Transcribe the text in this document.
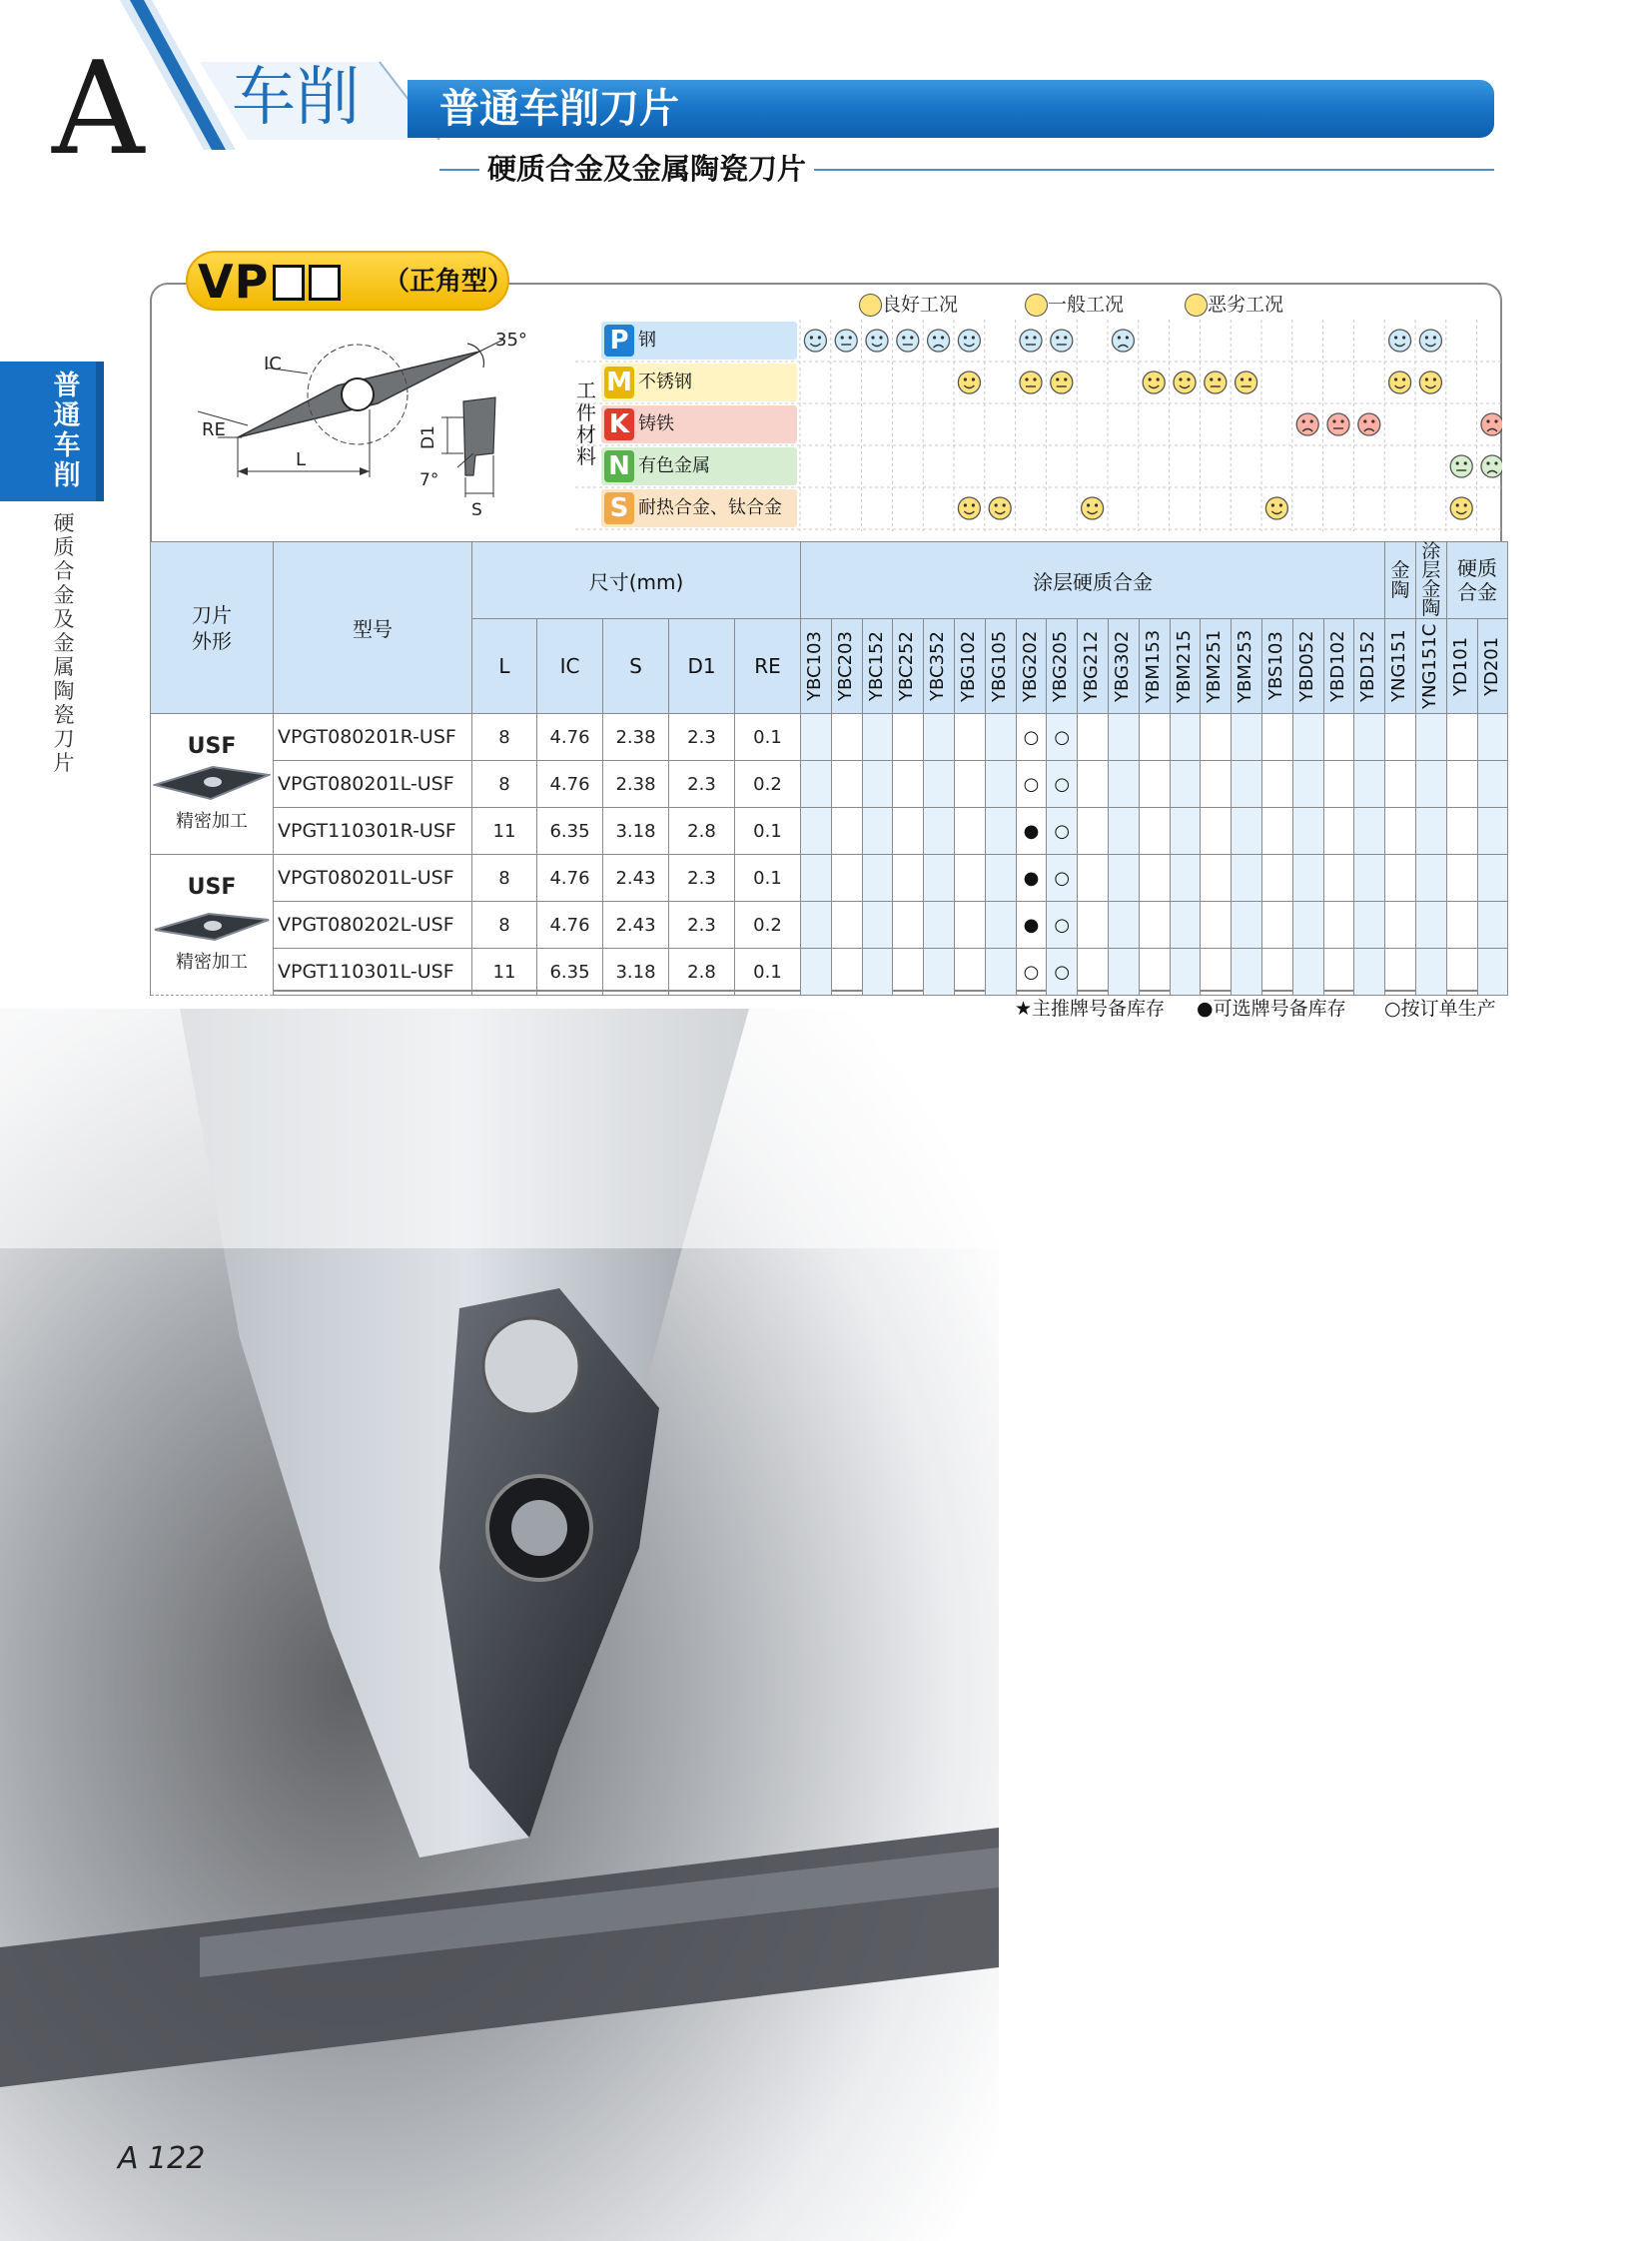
A 车削 普通车削刀片
硬质合金及金属陶瓷刀片
普通车削
硬质合金及金属陶瓷刀片
VP	（正角型）
35°
IC
RE
L
D1
7°
S
良好工况	一般工况	恶劣工况
工件材料
P 钢
M 不锈钢
K 铸铁
N 有色金属
S 耐热合金、钛合金
刀片
外形	型号	尺寸(mm)					涂层硬质合金																			金陶	涂层金陶	硬质合金	
		L	IC	S	D1	RE	YBC103	YBC203	YBC152	YBC252	YBC352	YBG102	YBG105	YBG202	YBG205	YBG212	YBG302	YBM153	YBM215	YBM251	YBM253	YBS103	YBD052	YBD102	YBD152	YNG151	YNG151C	YD101	YD201

USF
精密加工	VPGT080201R-USF	8	4.76	2.38	2.3	0.1								○	○														
	VPGT080201L-USF	8	4.76	2.38	2.3	0.2								○	○														
	VPGT110301R-USF	11	6.35	3.18	2.8	0.1								●	○														

USF
精密加工	VPGT080201L-USF	8	4.76	2.43	2.3	0.1								●	○														
	VPGT080202L-USF	8	4.76	2.43	2.3	0.2								●	○														
	VPGT110301L-USF	11	6.35	3.18	2.8	0.1								○	○														
★主推牌号备库存 ●可选牌号备库存 ○按订单生产
A 122
